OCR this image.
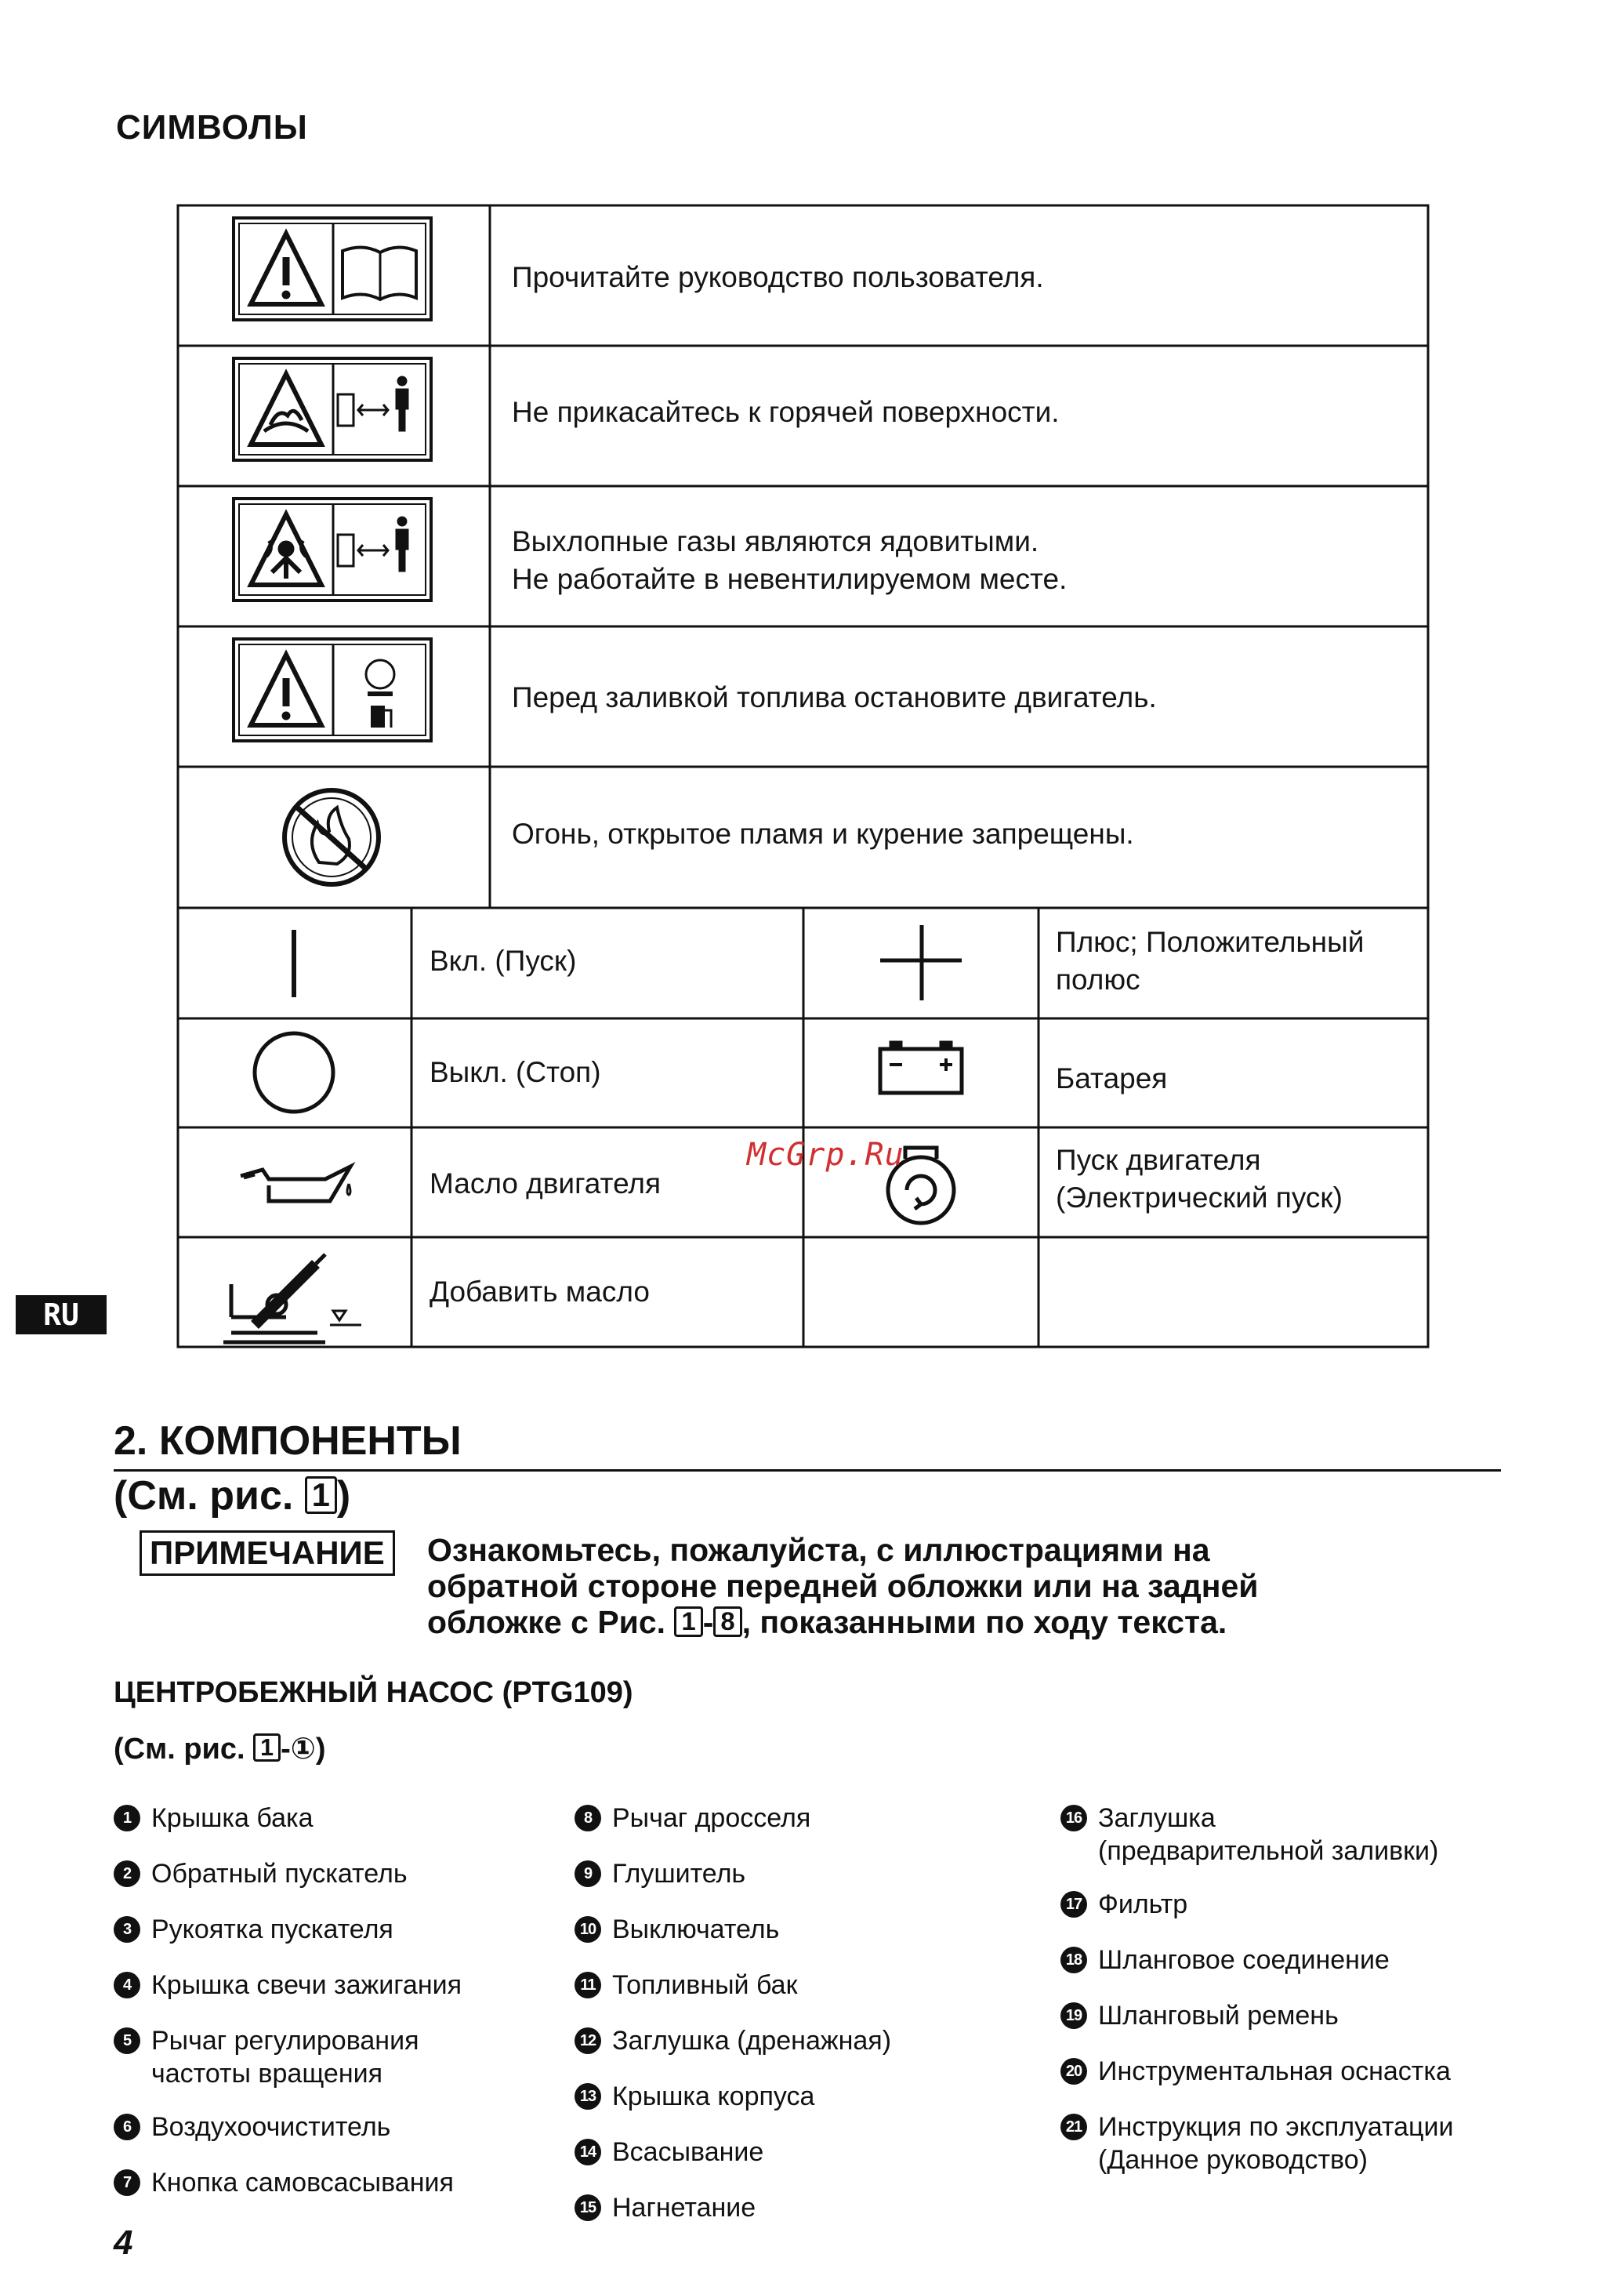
СИМВОЛЫ
Прочитайте руководство пользователя.
Не прикасайтесь к горячей поверхности.
Выхлопные газы являются ядовитыми.
Не работайте в невентилируемом месте.
Перед заливкой топлива остановите двигатель.
Огонь, открытое пламя и курение запрещены.
Вкл. (Пуск)
Плюс; Положительный
полюс
Выкл. (Стоп)	Батарея
Масло двигателя
Пуск двигателя
(Электрический пуск)
Добавить масло
McGrp.Ru
RU
2. КОМПОНЕНТЫ
(См. рис. 1 )
ПРИМЕЧАНИЕ	Ознакомьтесь, пожалуйста, с иллюстрациями на
обратной стороне передней обложки или на задней
обложке с Рис. 1 - 8 , показанными по ходу текста.
ЦЕНТРОБЕЖНЫЙ НАСОС (PTG109)
(См. рис. 1 -①)
1 Крышка бака
2 Обратный пускатель
3 Рукоятка пускателя
4 Крышка свечи зажигания
5 Рычаг регулирования
частоты вращения
6 Воздухоочиститель
7 Кнопка самовсасывания
8 Рычаг дросселя
9 Глушитель
10 Выключатель
11 Топливный бак
12 Заглушка (дренажная)
13 Крышка корпуса
14 Всасывание
15 Нагнетание
16 Заглушка
(предварительной заливки)
17 Фильтр
18 Шланговое соединение
19 Шланговый ремень
20 Инструментальная оснастка
21 Инструкция по эксплуатации
(Данное руководство)
4
